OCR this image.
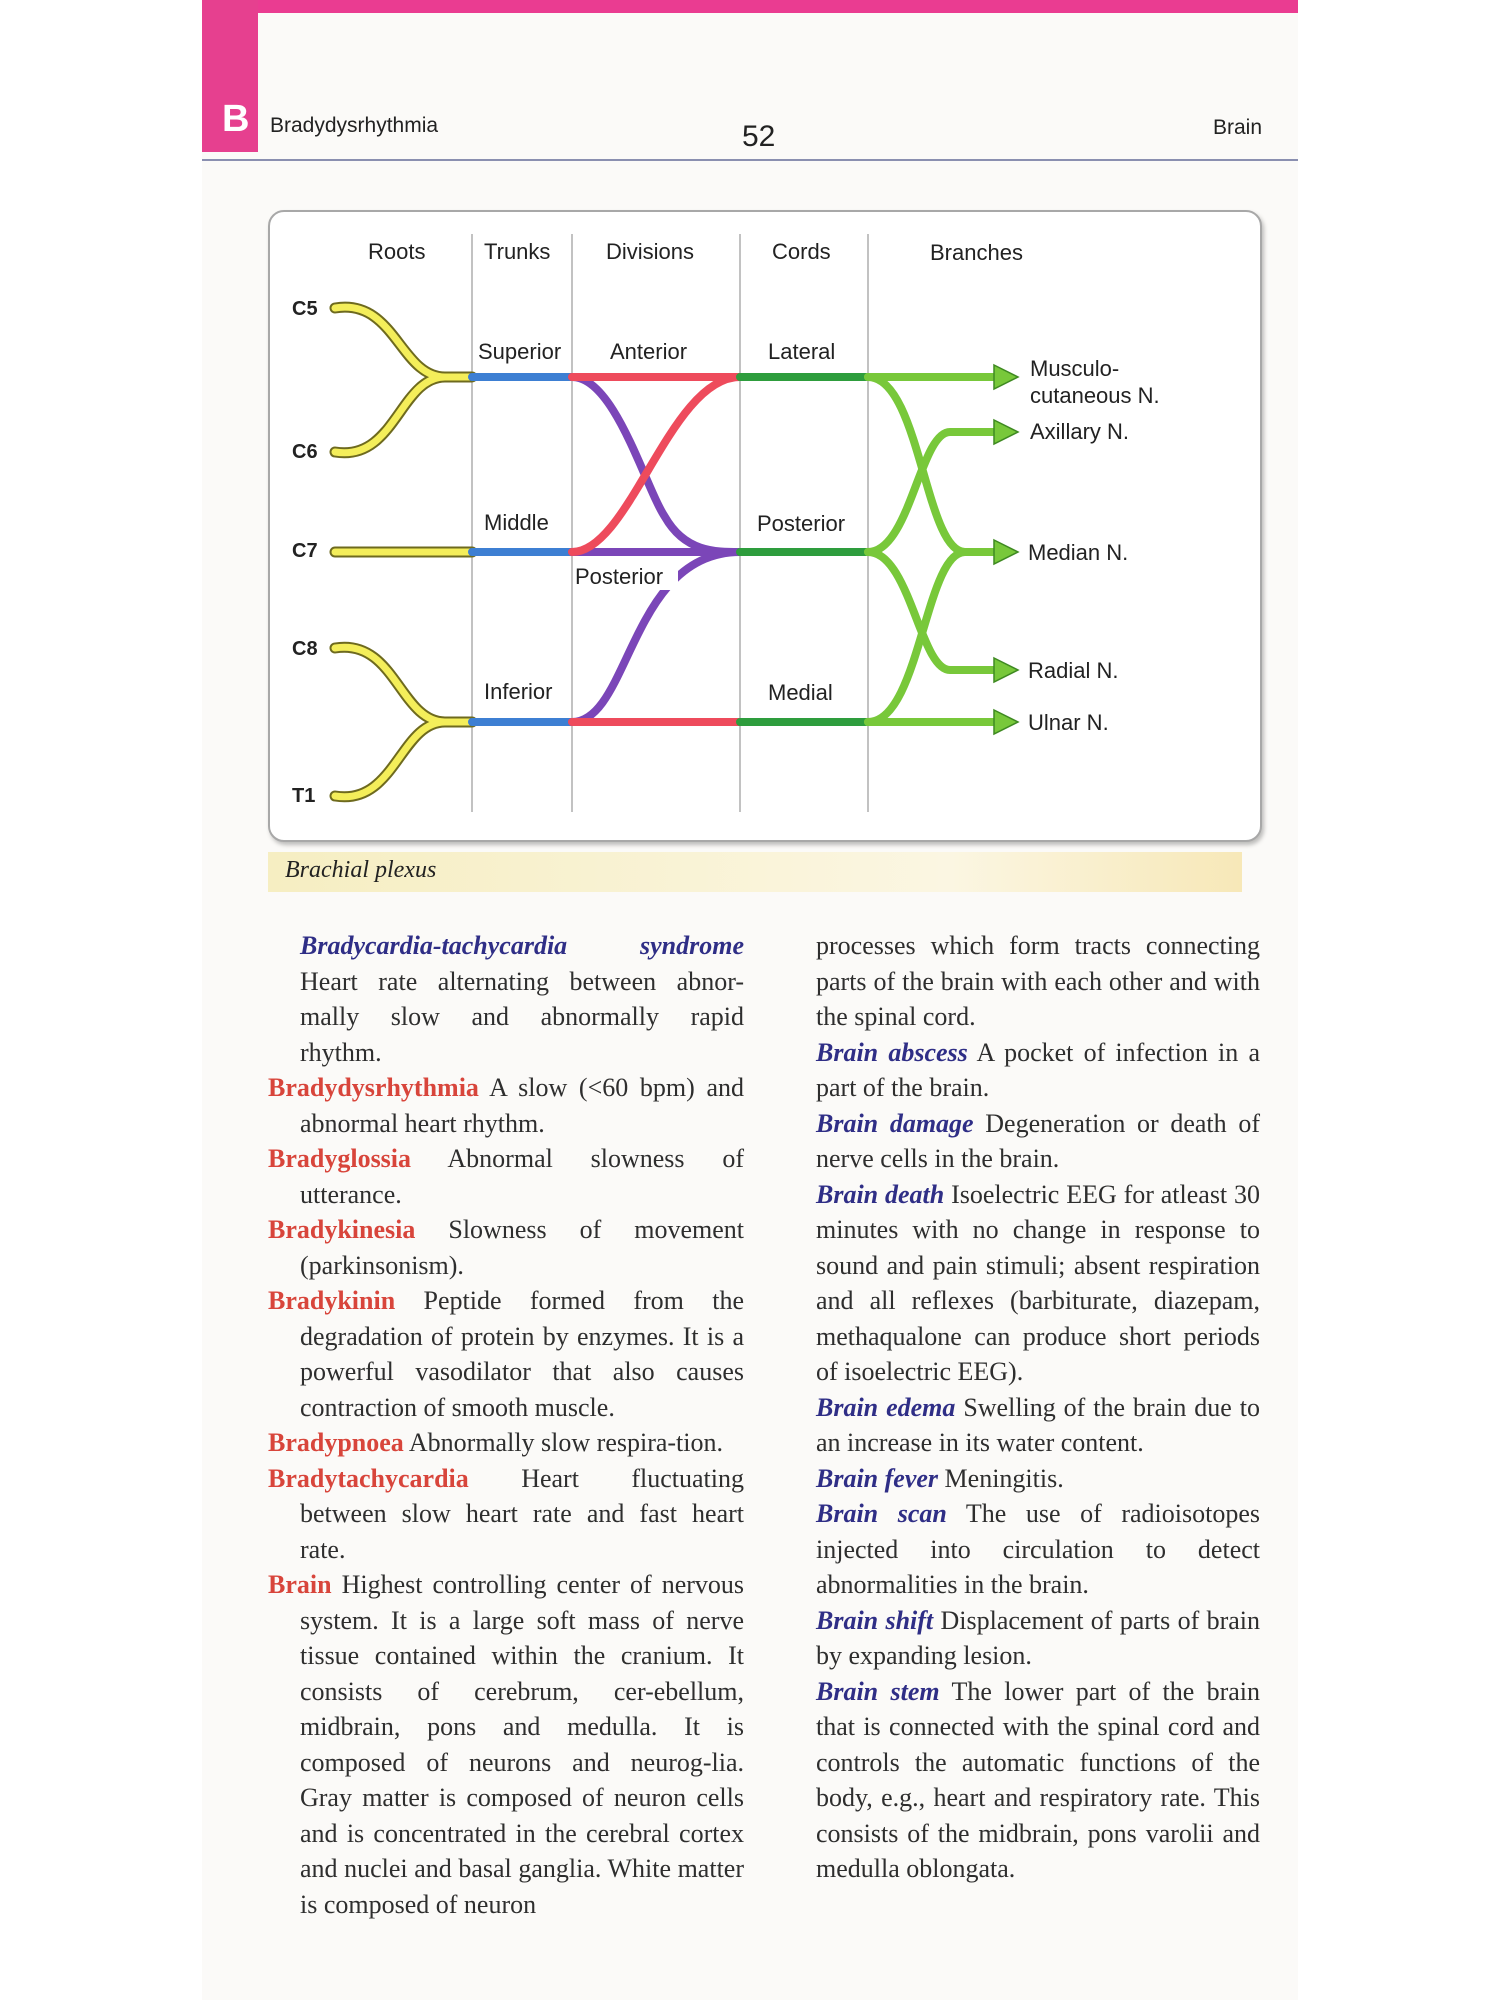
B Bradydysrhythmia	52	Brain
Roots	Trunks	Divisions	Cords	Branches
C5
C6
C7
C8
T1
Superior
Middle
Inferior
Anterior
Posterior
Lateral
Posterior
Medial
Musculo-
cutaneous N.
Axillary N.
Median N.
Radial N.
Ulnar N.
Brachial plexus

Bradycardia-tachycardia syndrome
Heart rate alternating between abnor-
mally slow and abnormally rapid
rhythm.

Bradydysrhythmia A slow (<60 bpm) and abnormal heart rhythm.

Bradyglossia Abnormal slowness of utterance.

Bradykinesia Slowness of movement (parkinsonism).

Bradykinin Peptide formed from the degradation of protein by enzymes. It is a powerful vasodilator that also causes contraction of smooth muscle.

Bradypnoea Abnormally slow respira-tion.

Bradytachycardia Heart fluctuating between slow heart rate and fast heart rate.

Brain Highest controlling center of nervous system. It is a large soft mass of nerve tissue contained within the cranium. It consists of cerebrum, cer-ebellum, midbrain, pons and medulla. It is composed of neurons and neurog-lia. Gray matter is composed of neuron cells and is concentrated in the cerebral cortex and nuclei and basal ganglia. White matter is composed of neuron

processes which form tracts connecting parts of the brain with each other and with the spinal cord.

Brain abscess A pocket of infection in a part of the brain.

Brain damage Degeneration or death of nerve cells in the brain.

Brain death Isoelectric EEG for atleast 30 minutes with no change in response to sound and pain stimuli; absent respiration and all reflexes (barbiturate, diazepam, methaqualone can produce short periods of isoelectric EEG).

Brain edema Swelling of the brain due to an increase in its water content.

Brain fever Meningitis.

Brain scan The use of radioisotopes injected into circulation to detect abnormalities in the brain.

Brain shift Displacement of parts of brain by expanding lesion.

Brain stem The lower part of the brain that is connected with the spinal cord and controls the automatic functions of the body, e.g., heart and respiratory rate. This consists of the midbrain, pons varolii and medulla oblongata.
